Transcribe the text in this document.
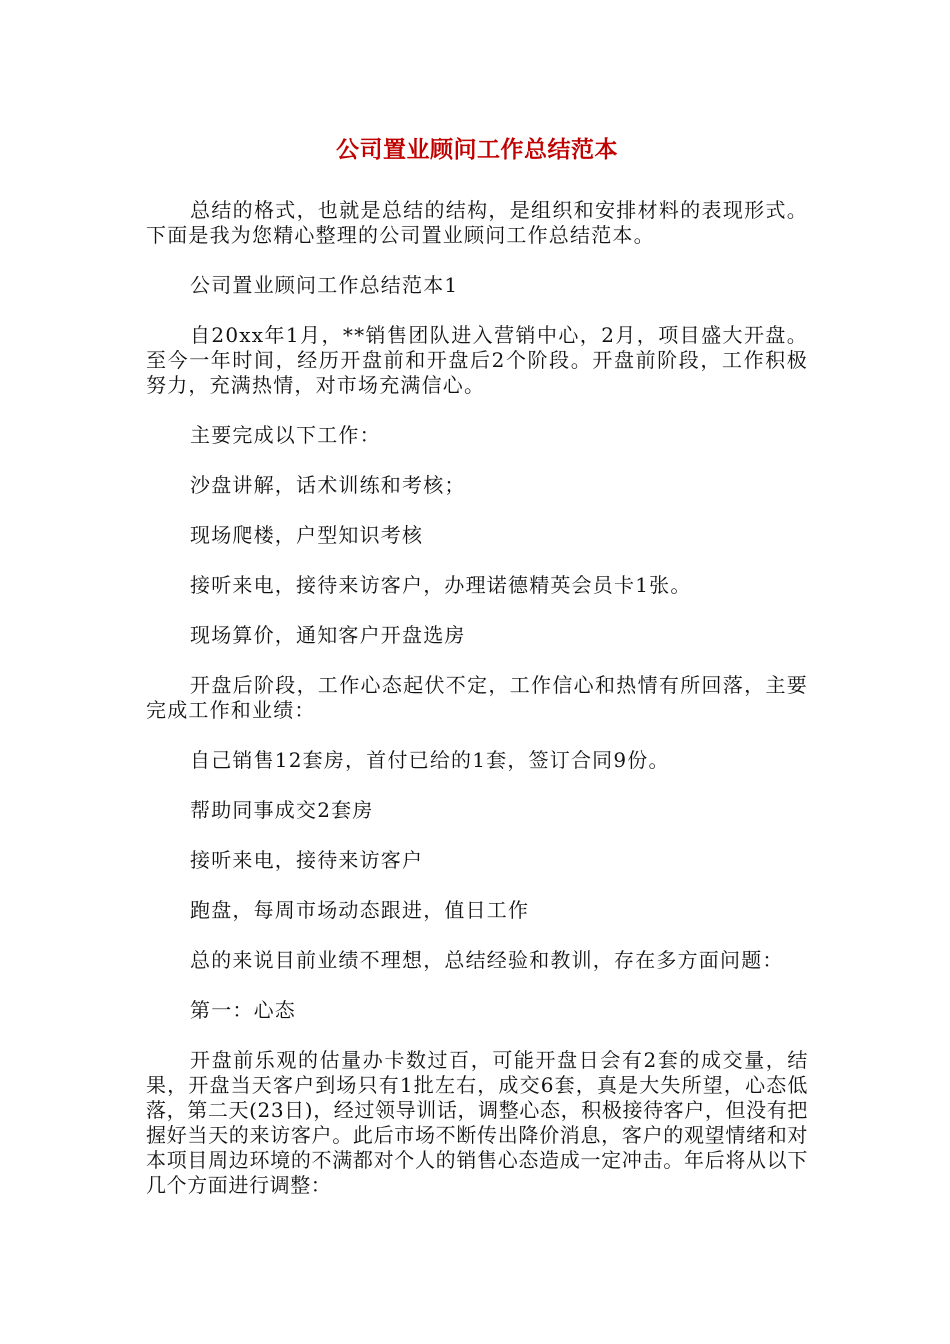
公司置业顾问工作总结范本

总结的格式，也就是总结的结构，是组织和安排材料的表现形式。下面是我为您精心整理的公司置业顾问工作总结范本。

公司置业顾问工作总结范本1

自20xx年1月，**销售团队进入营销中心，2月，项目盛大开盘。至今一年时间，经历开盘前和开盘后2个阶段。开盘前阶段，工作积极努力，充满热情，对市场充满信心。

主要完成以下工作：

沙盘讲解，话术训练和考核；

现场爬楼，户型知识考核

接听来电，接待来访客户，办理诺德精英会员卡1张。

现场算价，通知客户开盘选房

开盘后阶段，工作心态起伏不定，工作信心和热情有所回落，主要完成工作和业绩：

自己销售12套房，首付已给的1套，签订合同9份。

帮助同事成交2套房

接听来电，接待来访客户

跑盘，每周市场动态跟进，值日工作

总的来说目前业绩不理想，总结经验和教训，存在多方面问题：

第一：心态

开盘前乐观的估量办卡数过百，可能开盘日会有2套的成交量，结果，开盘当天客户到场只有1批左右，成交6套，真是大失所望，心态低落，第二天(23日)，经过领导训话，调整心态，积极接待客户，但没有把握好当天的来访客户。此后市场不断传出降价消息，客户的观望情绪和对本项目周边环境的不满都对个人的销售心态造成一定冲击。年后将从以下几个方面进行调整：
